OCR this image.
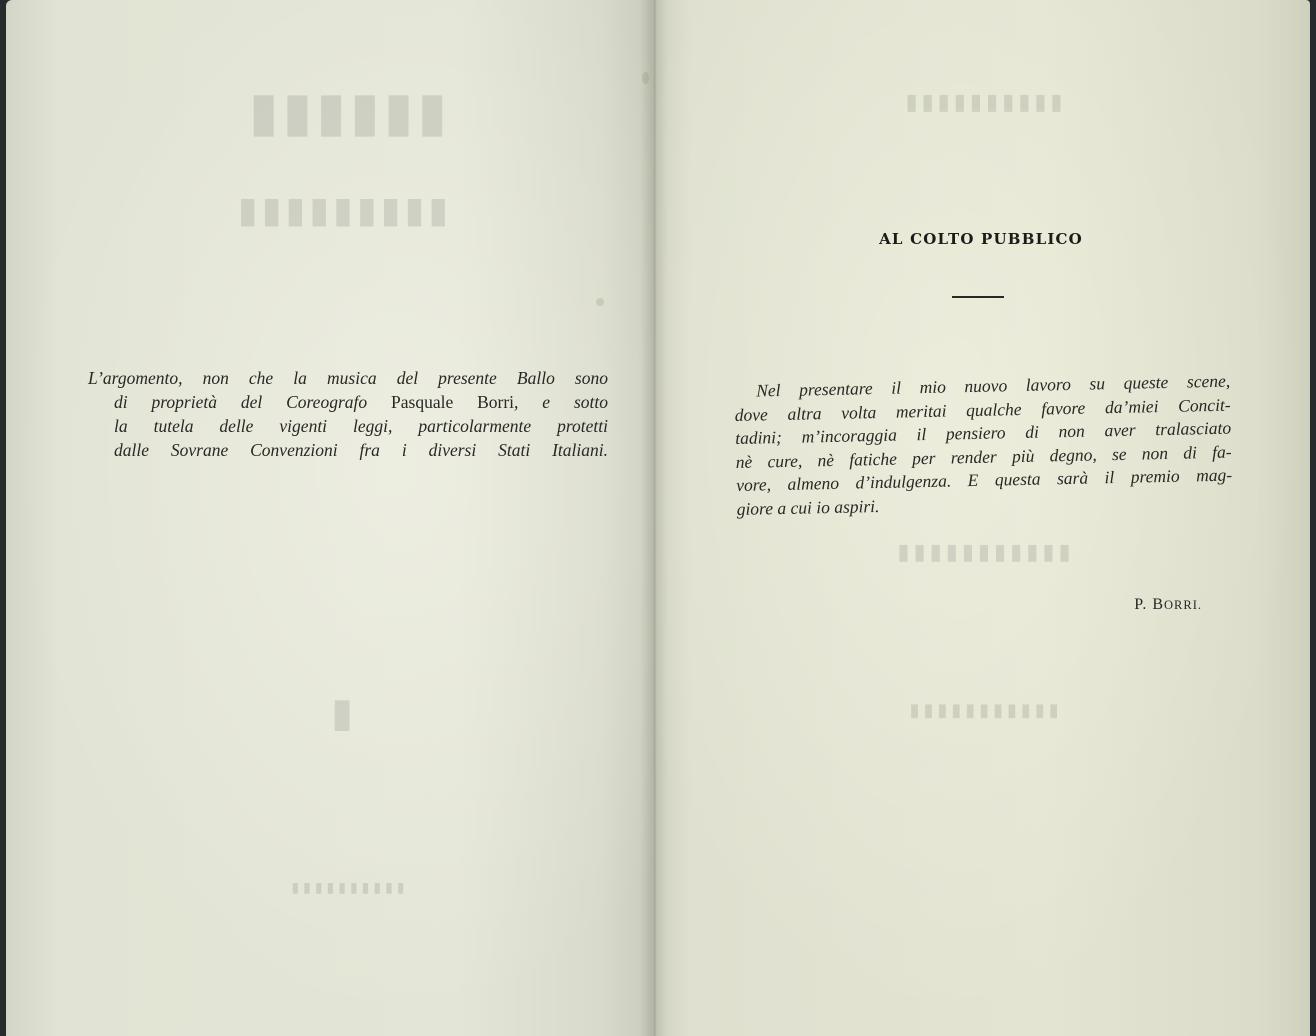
▮▮▮▮▮▮
▮▮▮▮▮▮▮▮▮
▮
▮▮▮▮▮▮▮▮▮▮

L’argomento, non che la musica del presente Ballo sono

di proprietà del Coreografo Pasquale Borri, e sotto

la tutela delle vigenti leggi, particolarmente protetti

dalle Sovrane Convenzioni fra i diversi Stati Italiani.

▮▮▮▮▮▮▮▮▮▮
▮▮▮▮▮▮▮▮▮▮▮
▮▮▮▮▮▮▮▮▮▮▮
AL COLTO PUBBLICO

Nel presentare il mio nuovo lavoro su queste scene,

dove altra volta meritai qualche favore da’miei Concit-

tadini; m’incoraggia il pensiero di non aver tralasciato

nè cure, nè fatiche per render più degno, se non di fa-

vore, almeno d’indulgenza. E questa sarà il premio mag-

giore a cui io aspiri.

P. BORRI.
